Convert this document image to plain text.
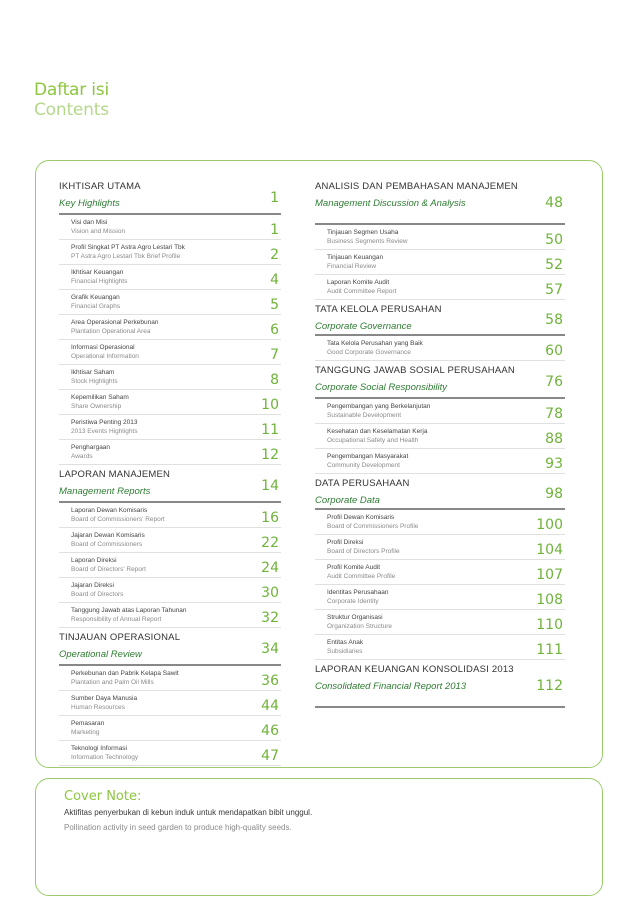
Daftar isi
Contents
IKHTISAR UTAMA
Key Highlights	1
Visi dan Misi
Vision and Mission	1
Profil Singkat PT Astra Agro Lestari Tbk
PT Astra Agro Lestari Tbk Brief Profile	2
Ikhtisar Keuangan
Financial Highlights	4
Grafik Keuangan
Financial Graphs	5
Area Operasional Perkebunan
Plantation Operational Area	6
Informasi Operasional
Operational Information	7
Ikhtisar Saham
Stock Highlights	8
Kepemilikan Saham
Share Ownership	10
Peristiwa Penting 2013
2013 Events Highlights	11
Penghargaan
Awards	12
LAPORAN MANAJEMEN
Management Reports	14
Laporan Dewan Komisaris
Board of Commissioners' Report	16
Jajaran Dewan Komisaris
Board of Commissioners	22
Laporan Direksi
Board of Directors' Report	24
Jajaran Direksi
Board of Directors	30
Tanggung Jawab atas Laporan Tahunan
Responsibility of Annual Report	32
TINJAUAN OPERASIONAL
Operational Review	34
Perkebunan dan Pabrik Kelapa Sawit
Plantation and Palm Oil Mills	36
Sumber Daya Manusia
Human Resources	44
Pemasaran
Marketing	46
Teknologi Informasi
Information Technology	47
ANALISIS DAN PEMBAHASAN MANAJEMEN
Management Discussion & Analysis	48
Tinjauan Segmen Usaha
Business Segments Review	50
Tinjauan Keuangan
Financial Review	52
Laporan Komite Audit
Audit Committee Report	57
TATA KELOLA PERUSAHAN
Corporate Governance	58
Tata Kelola Perusahan yang Baik
Good Corporate Governance	60
TANGGUNG JAWAB SOSIAL PERUSAHAAN
Corporate Social Responsibility	76
Pengembangan yang Berkelanjutan
Sustainable Development	78
Kesehatan dan Keselamatan Kerja
Occupational Safety and Health	88
Pengembangan Masyarakat
Community Development	93
DATA PERUSAHAAN
Corporate Data	98
Profil Dewan Komisaris
Board of Commissioners Profile	100
Profil Direksi
Board of Directors Profile	104
Profil Komite Audit
Audit Committee Profile	107
Identitas Perusahaan
Corporate Identity	108
Struktur Organisasi
Organization Structure	110
Entitas Anak
Subsidiaries	111
LAPORAN KEUANGAN KONSOLIDASI 2013
Consolidated Financial Report 2013	112
Cover Note:
Aktifitas penyerbukan di kebun induk untuk mendapatkan bibit unggul.
Pollination activity in seed garden to produce high-quality seeds.
